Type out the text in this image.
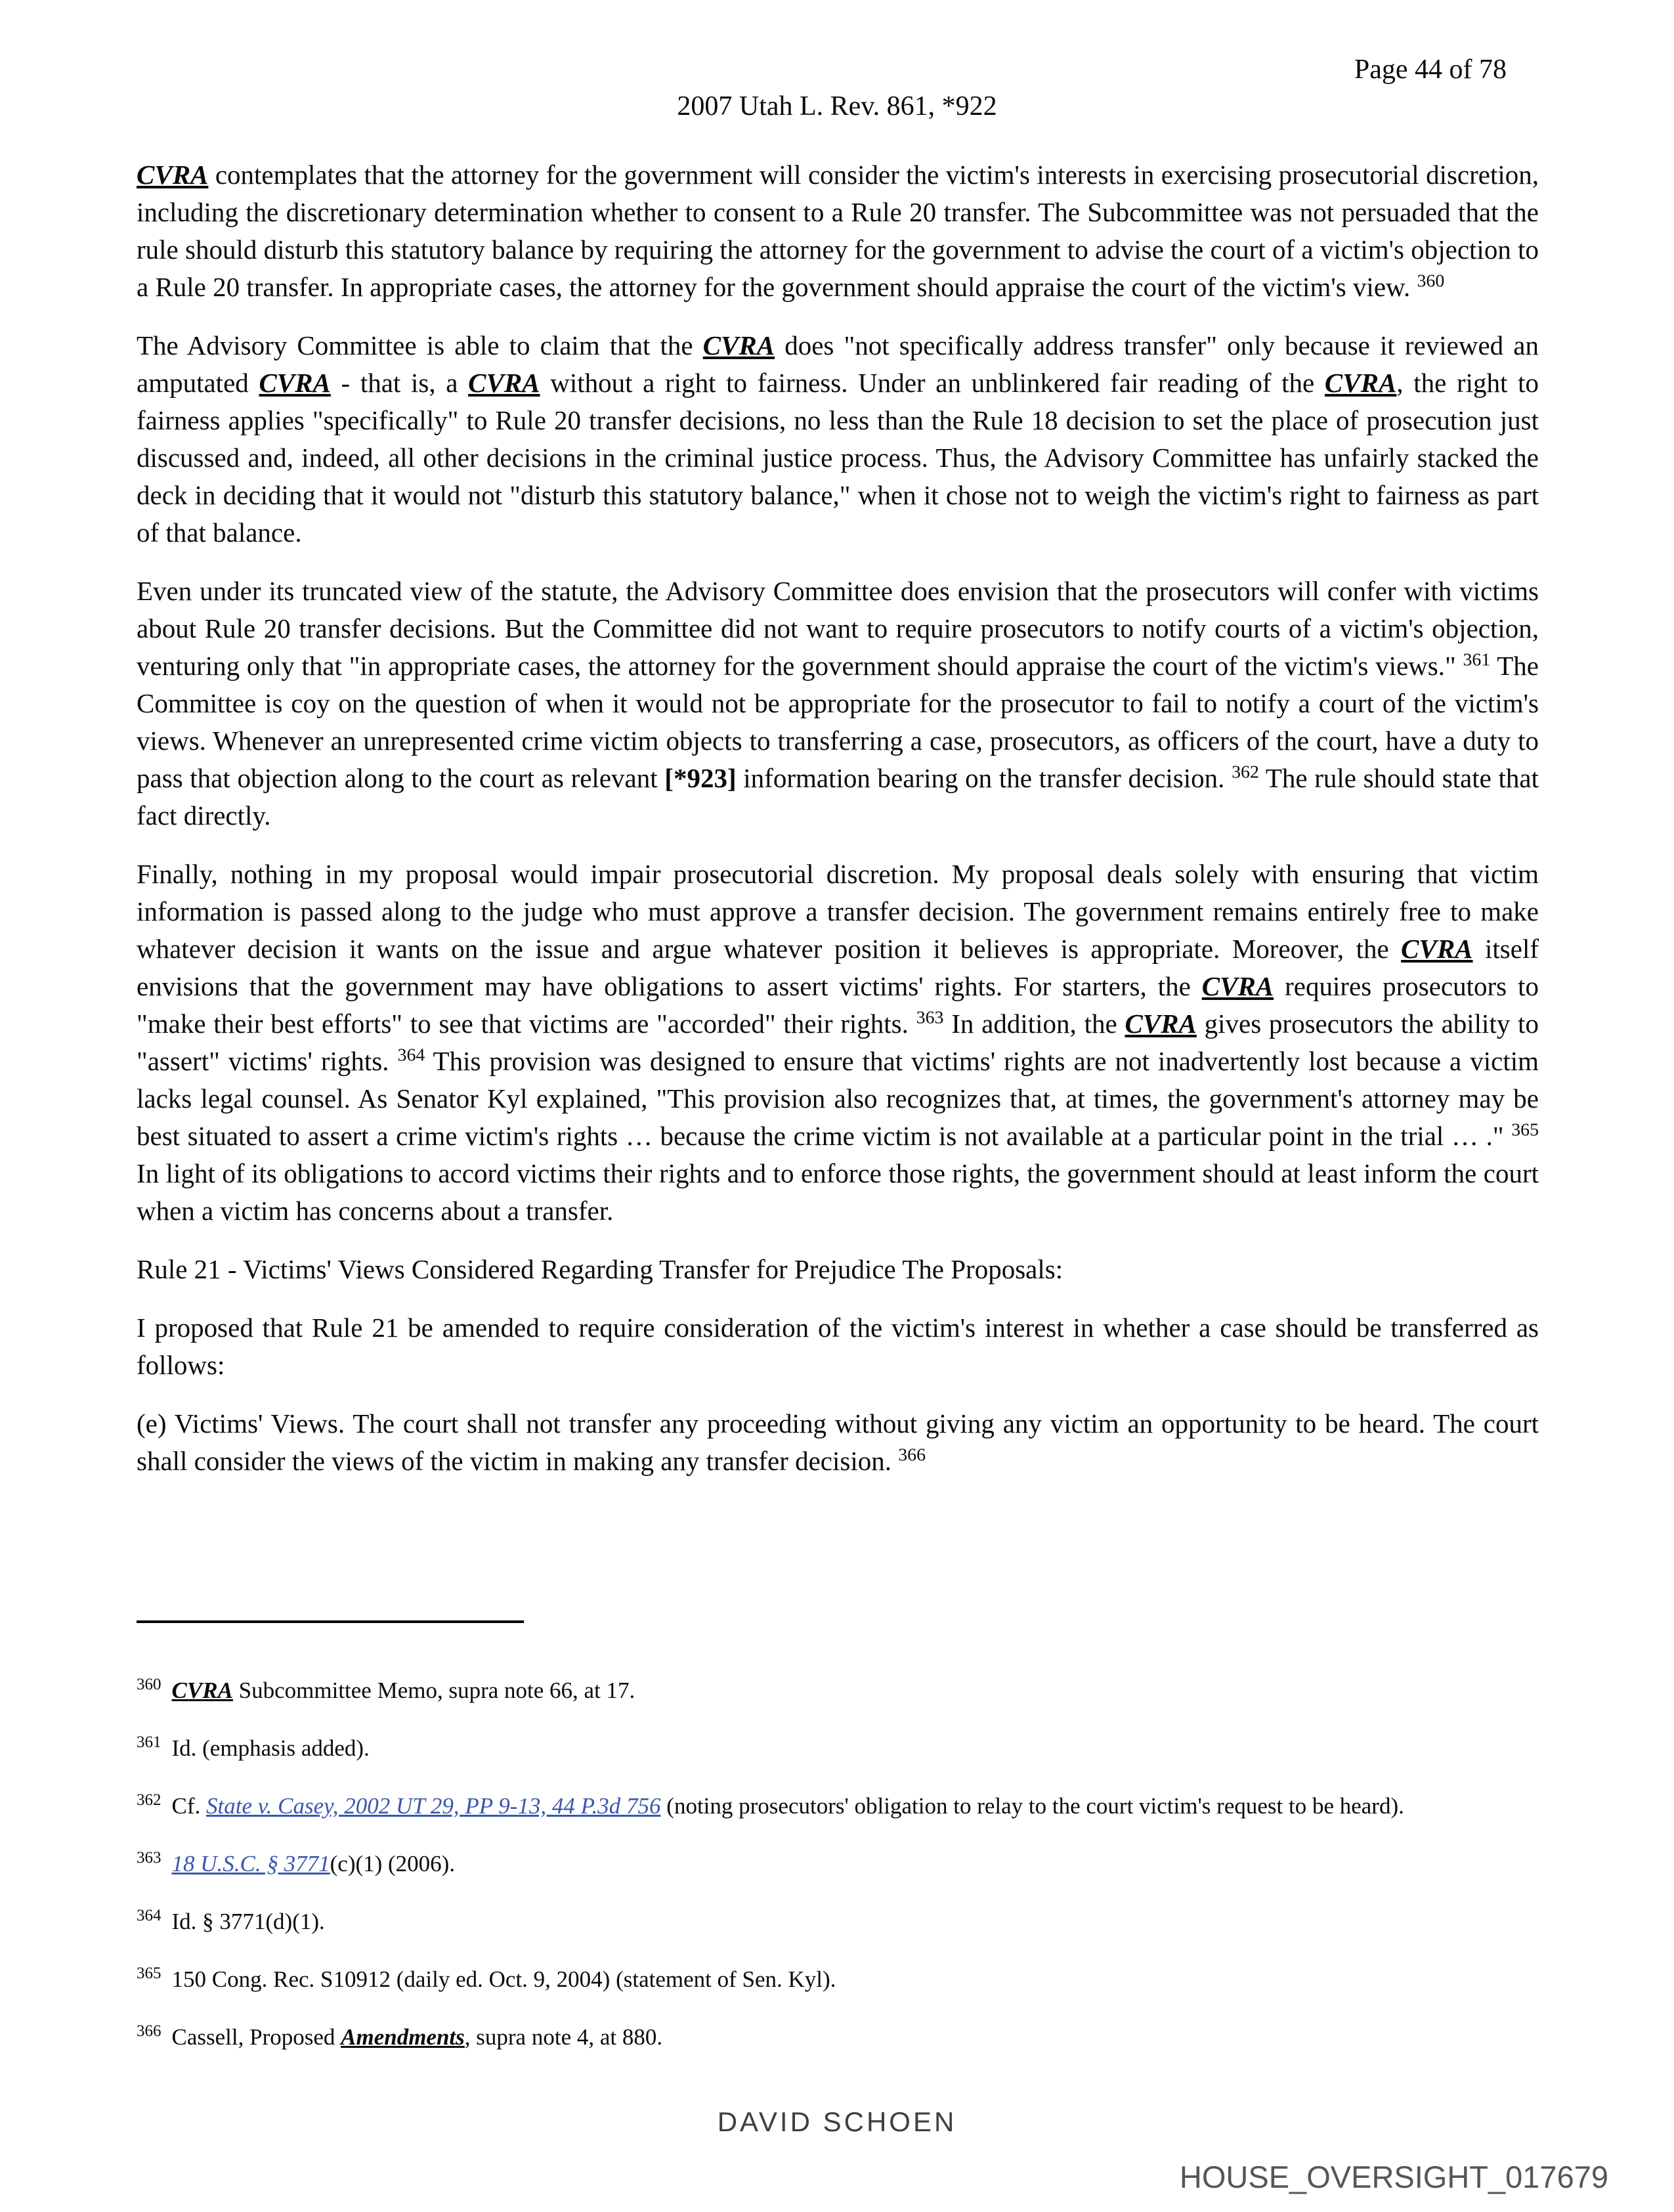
Page 44 of 78
2007 Utah L. Rev. 861, *922

CVRA contemplates that the attorney for the government will consider the victim's interests in exercising prosecutorial discretion, including the discretionary determination whether to consent to a Rule 20 transfer. The Subcommittee was not persuaded that the rule should disturb this statutory balance by requiring the attorney for the government to advise the court of a victim's objection to a Rule 20 transfer. In appropriate cases, the attorney for the government should appraise the court of the victim's view. $^{360}$

The Advisory Committee is able to claim that the CVRA does "not specifically address transfer" only because it reviewed an amputated CVRA - that is, a CVRA without a right to fairness. Under an unblinkered fair reading of the CVRA, the right to fairness applies "specifically" to Rule 20 transfer decisions, no less than the Rule 18 decision to set the place of prosecution just discussed and, indeed, all other decisions in the criminal justice process. Thus, the Advisory Committee has unfairly stacked the deck in deciding that it would not "disturb this statutory balance," when it chose not to weigh the victim's right to fairness as part of that balance.

Even under its truncated view of the statute, the Advisory Committee does envision that the prosecutors will confer with victims about Rule 20 transfer decisions. But the Committee did not want to require prosecutors to notify courts of a victim's objection, venturing only that "in appropriate cases, the attorney for the government should appraise the court of the victim's views." $^{361}$ The Committee is coy on the question of when it would not be appropriate for the prosecutor to fail to notify a court of the victim's views. Whenever an unrepresented crime victim objects to transferring a case, prosecutors, as officers of the court, have a duty to pass that objection along to the court as relevant [*923] information bearing on the transfer decision. $^{362}$ The rule should state that fact directly.

Finally, nothing in my proposal would impair prosecutorial discretion. My proposal deals solely with ensuring that victim information is passed along to the judge who must approve a transfer decision. The government remains entirely free to make whatever decision it wants on the issue and argue whatever position it believes is appropriate. Moreover, the CVRA itself envisions that the government may have obligations to assert victims' rights. For starters, the CVRA requires prosecutors to "make their best efforts" to see that victims are "accorded" their rights. $^{363}$ In addition, the CVRA gives prosecutors the ability to "assert" victims' rights. $^{364}$ This provision was designed to ensure that victims' rights are not inadvertently lost because a victim lacks legal counsel. As Senator Kyl explained, "This provision also recognizes that, at times, the government's attorney may be best situated to assert a crime victim's rights … because the crime victim is not available at a particular point in the trial … ." $^{365}$ In light of its obligations to accord victims their rights and to enforce those rights, the government should at least inform the court when a victim has concerns about a transfer.

Rule 21 - Victims' Views Considered Regarding Transfer for Prejudice The Proposals:

I proposed that Rule 21 be amended to require consideration of the victim's interest in whether a case should be transferred as follows:

(e) Victims' Views. The court shall not transfer any proceeding without giving any victim an opportunity to be heard. The court shall consider the views of the victim in making any transfer decision. $^{366}$

$^{360}$ CVRA Subcommittee Memo, supra note 66, at 17.
$^{361}$ Id. (emphasis added).
$^{362}$ Cf. State v. Casey, 2002 UT 29, PP 9-13, 44 P.3d 756 (noting prosecutors' obligation to relay to the court victim's request to be heard).
$^{363}$ 18 U.S.C. § 3771(c)(1) (2006).
$^{364}$ Id. § 3771(d)(1).
$^{365}$ 150 Cong. Rec. S10912 (daily ed. Oct. 9, 2004) (statement of Sen. Kyl).
$^{366}$ Cassell, Proposed Amendments, supra note 4, at 880.
DAVID SCHOEN
HOUSE_OVERSIGHT_017679
